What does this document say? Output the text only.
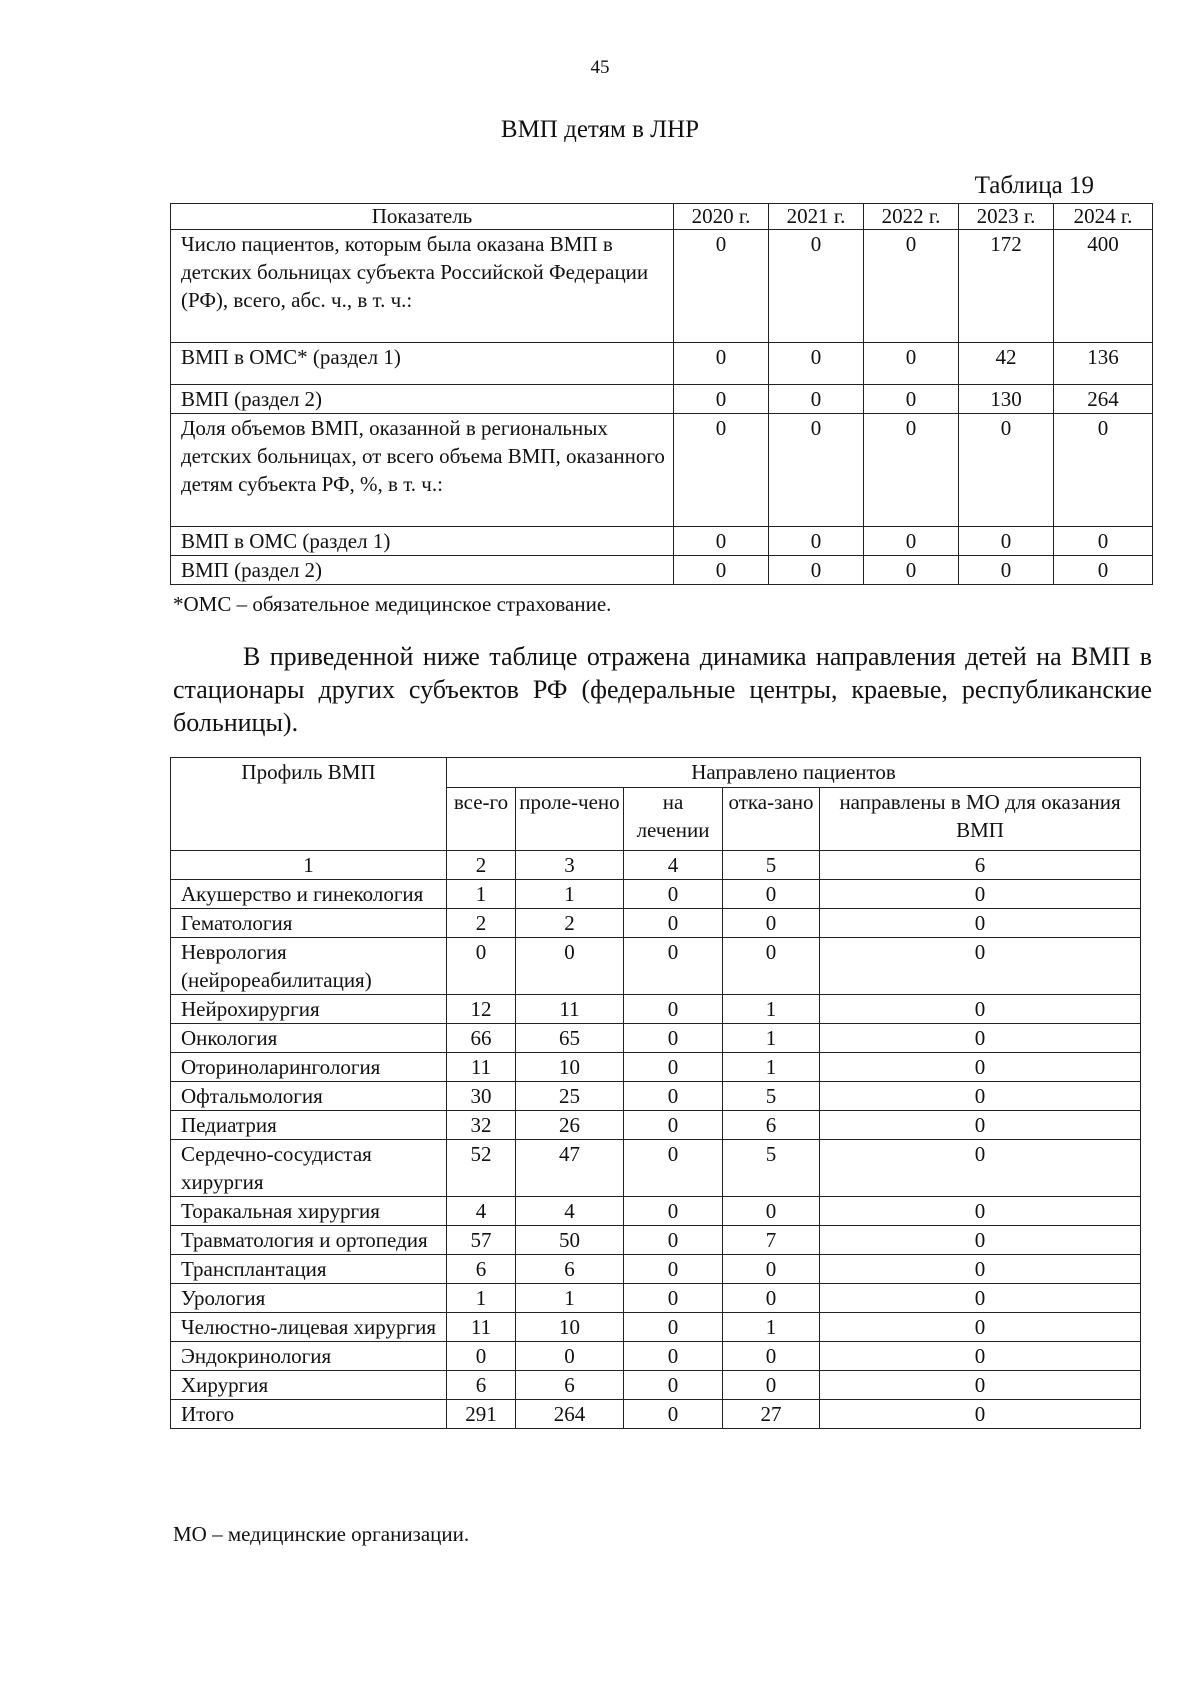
45
ВМП детям в ЛНР
Таблица 19
Показатель	2020 г.	2021 г.	2022 г.	2023 г.	2024 г.
Число пациентов, которым была оказана ВМП в детских больницах субъекта Российской Федерации (РФ), всего, абс. ч., в т. ч.:	0	0	0	172	400
ВМП в ОМС* (раздел 1)	0	0	0	42	136
ВМП (раздел 2)	0	0	0	130	264
Доля объемов ВМП, оказанной в региональных детских больницах, от всего объема ВМП, оказанного детям субъекта РФ, %, в т. ч.:	0	0	0	0	0
ВМП в ОМС (раздел 1)	0	0	0	0	0
ВМП (раздел 2)	0	0	0	0	0
*ОМС – обязательное медицинское страхование.
В приведенной ниже таблице отражена динамика направления детей на ВМП в стационары других субъектов РФ (федеральные центры, краевые, республиканские больницы).
Профиль ВМП	Направлено пациентов				
	все-го	проле-чено	на лечении	отка-зано	направлены в МО для оказания ВМП
1	2	3	4	5	6
Акушерство и гинекология	1	1	0	0	0
Гематология	2	2	0	0	0
Неврология (нейрореабилитация)	0	0	0	0	0
Нейрохирургия	12	11	0	1	0
Онкология	66	65	0	1	0
Оториноларингология	11	10	0	1	0
Офтальмология	30	25	0	5	0
Педиатрия	32	26	0	6	0
Сердечно-сосудистая хирургия	52	47	0	5	0
Торакальная хирургия	4	4	0	0	0
Травматология и ортопедия	57	50	0	7	0
Трансплантация	6	6	0	0	0
Урология	1	1	0	0	0
Челюстно-лицевая хирургия	11	10	0	1	0
Эндокринология	0	0	0	0	0
Хирургия	6	6	0	0	0
Итого	291	264	0	27	0
МО – медицинские организации.
